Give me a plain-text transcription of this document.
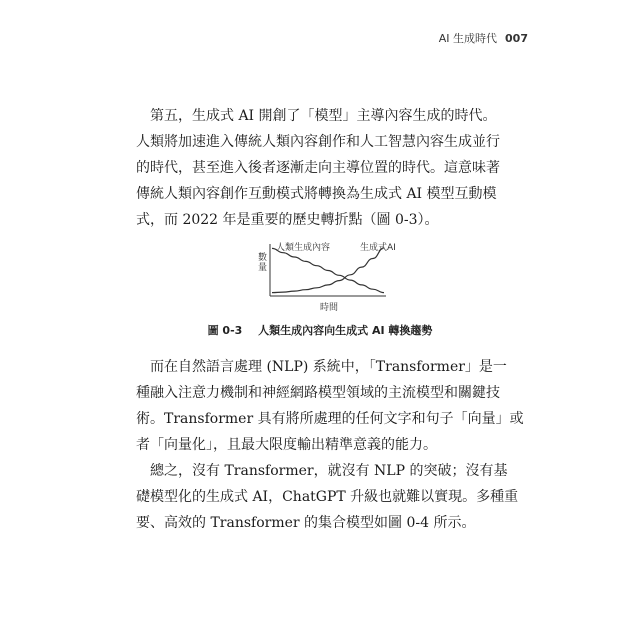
AI 生成時代 007

　第五，生成式 AI 開創了「模型」主導內容生成的時代。
人類將加速進入傳統人類內容創作和人工智慧內容生成並行
的時代，甚至進入後者逐漸走向主導位置的時代。這意味著
傳統人類內容創作互動模式將轉換為生成式 AI 模型互動模
式，而 2022 年是重要的歷史轉折點（圖 0-3）。

數量
時間
人類生成內容	生成式AI
圖 0-3 人類生成內容向生成式 AI 轉換趨勢

　而在自然語言處理 (NLP) 系統中，「Transformer」是一
種融入注意力機制和神經網路模型領域的主流模型和關鍵技
術。Transformer 具有將所處理的任何文字和句子「向量」或
者「向量化」，且最大限度輸出精準意義的能力。

　總之，沒有 Transformer，就沒有 NLP 的突破；沒有基
礎模型化的生成式 AI，ChatGPT 升級也就難以實現。多種重
要、高效的 Transformer 的集合模型如圖 0-4 所示。
